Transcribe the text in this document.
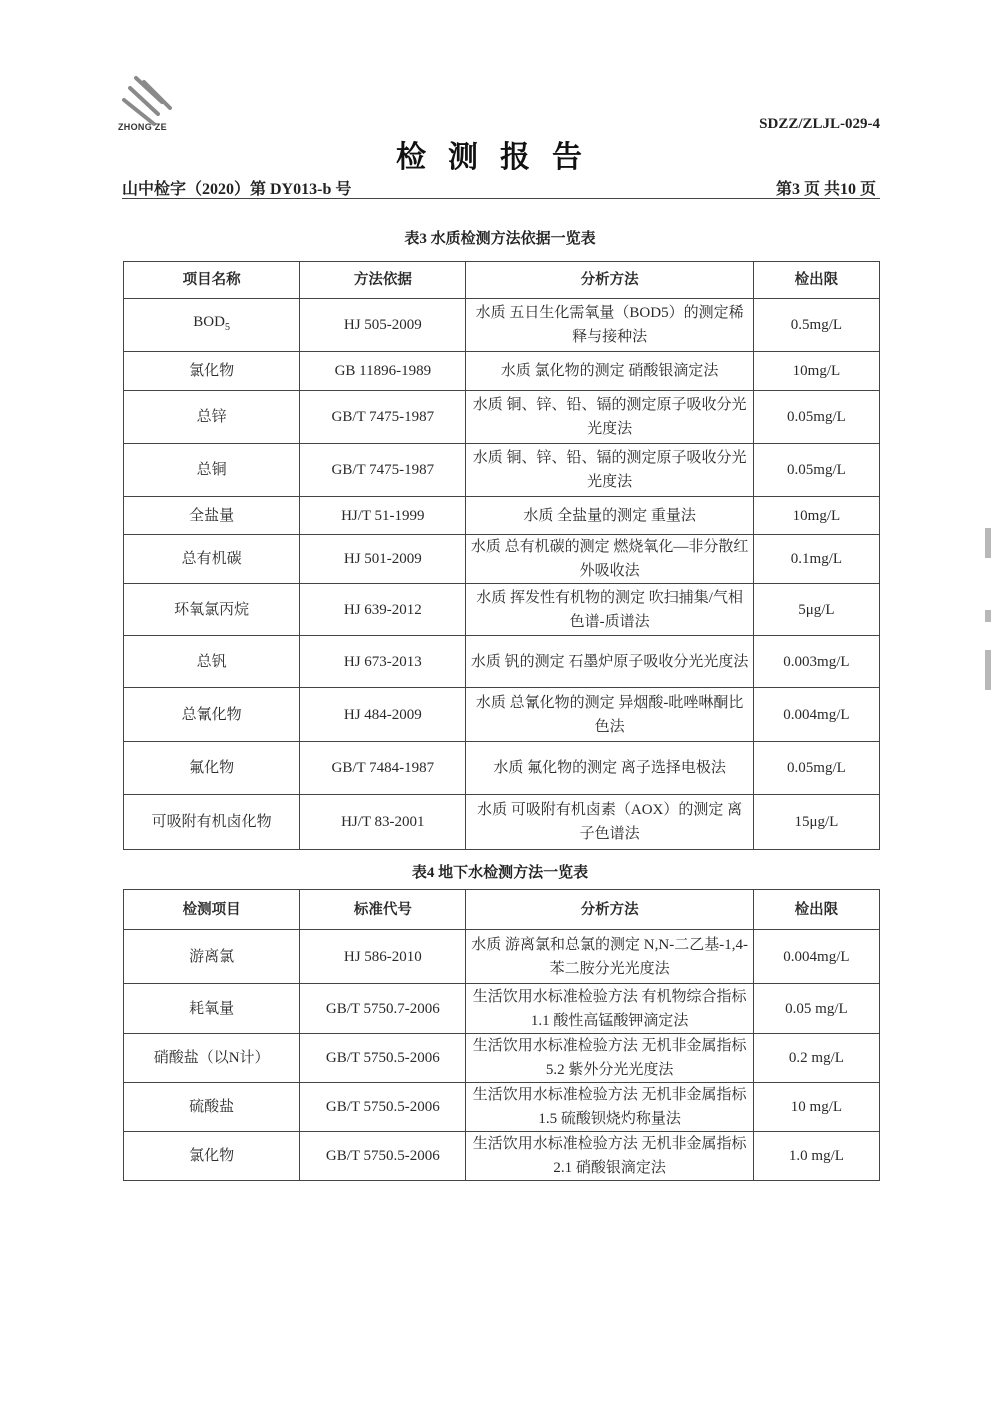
ZHONG ZE	SDZZ/ZLJL-029-4
检测报告
山中检字（2020）第 DY013-b 号	第3 页 共10 页
表3 水质检测方法依据一览表
项目名称	方法依据	分析方法	检出限
$BOD_5$	HJ 505-2009	水质 五日生化需氧量（BOD5）的测定稀释与接种法	0.5mg/L
氯化物	GB 11896-1989	水质 氯化物的测定 硝酸银滴定法	10mg/L
总锌	GB/T 7475-1987	水质 铜、锌、铅、镉的测定原子吸收分光光度法	0.05mg/L
总铜	GB/T 7475-1987	水质 铜、锌、铅、镉的测定原子吸收分光光度法	0.05mg/L
全盐量	HJ/T 51-1999	水质 全盐量的测定 重量法	10mg/L
总有机碳	HJ 501-2009	水质 总有机碳的测定 燃烧氧化—非分散红外吸收法	0.1mg/L
环氧氯丙烷	HJ 639-2012	水质 挥发性有机物的测定 吹扫捕集/气相色谱-质谱法	5μg/L
总钒	HJ 673-2013	水质 钒的测定 石墨炉原子吸收分光光度法	0.003mg/L
总氰化物	HJ 484-2009	水质 总氰化物的测定 异烟酸-吡唑啉酮比色法	0.004mg/L
氟化物	GB/T 7484-1987	水质 氟化物的测定 离子选择电极法	0.05mg/L
可吸附有机卤化物	HJ/T 83-2001	水质 可吸附有机卤素（AOX）的测定 离子色谱法	15μg/L
表4 地下水检测方法一览表
检测项目	标准代号	分析方法	检出限
游离氯	HJ 586-2010	水质 游离氯和总氯的测定 N,N-二乙基-1,4-苯二胺分光光度法	0.004mg/L
耗氧量	GB/T 5750.7-2006	生活饮用水标准检验方法 有机物综合指标1.1 酸性高锰酸钾滴定法	0.05 mg/L
硝酸盐（以N计）	GB/T 5750.5-2006	生活饮用水标准检验方法 无机非金属指标 5.2 紫外分光光度法	0.2 mg/L
硫酸盐	GB/T 5750.5-2006	生活饮用水标准检验方法 无机非金属指标 1.5 硫酸钡烧灼称量法	10 mg/L
氯化物	GB/T 5750.5-2006	生活饮用水标准检验方法 无机非金属指标 2.1 硝酸银滴定法	1.0 mg/L
